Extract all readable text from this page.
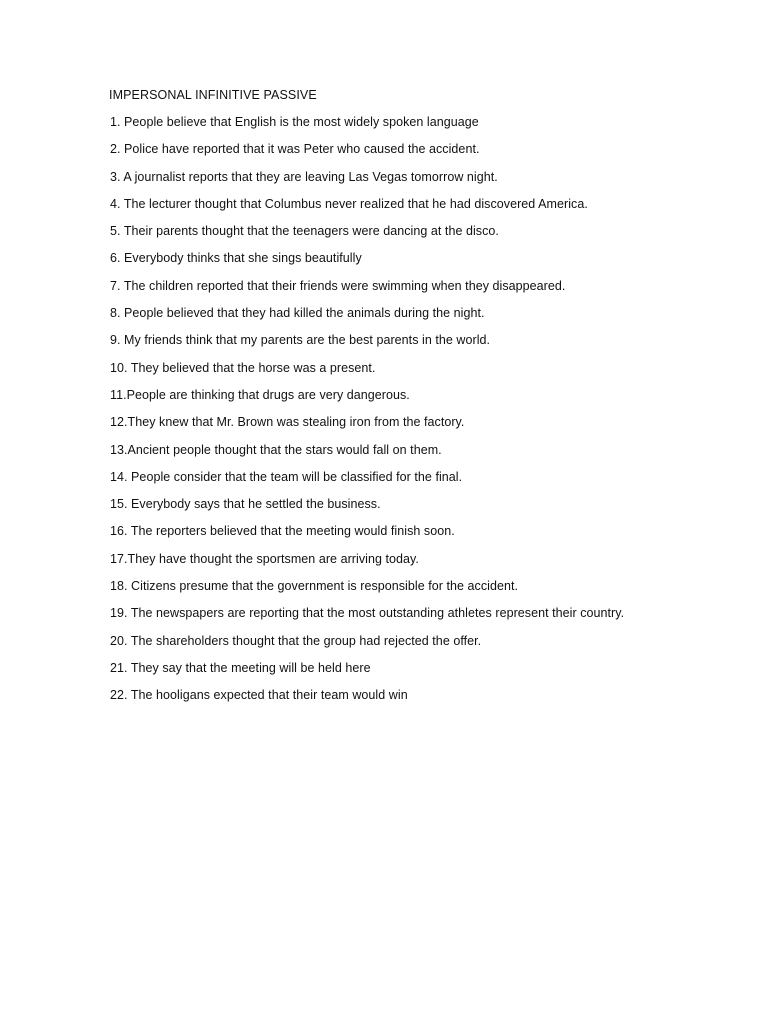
IMPERSONAL INFINITIVE PASSIVE
1. People believe that English is the most widely spoken language
2. Police have reported that it was Peter who caused the accident.
3. A journalist reports that they are leaving Las Vegas tomorrow night.
4. The lecturer thought that Columbus never realized that he had discovered America.
5. Their parents thought that the teenagers were dancing at the disco.
6. Everybody thinks that she sings beautifully
7. The children reported that their friends were swimming when they disappeared.
8. People believed that they had killed the animals during the night.
9. My friends think that my parents are the best parents in the world.
10. They believed that the horse was a present.
11.People are thinking that drugs are very dangerous.
12.They knew that Mr. Brown was stealing iron from the factory.
13.Ancient people thought that the stars would fall on them.
14. People consider that the team will be classified for the final.
15. Everybody says that he settled the business.
16. The reporters believed that the meeting would finish soon.
17.They have thought the sportsmen are arriving today.
18. Citizens presume that the government is responsible for the accident.
19. The newspapers are reporting that the most outstanding athletes represent their country.
20. The shareholders thought that the group had rejected the offer.
21. They say that the meeting will be held here
22. The hooligans expected that their team would win
